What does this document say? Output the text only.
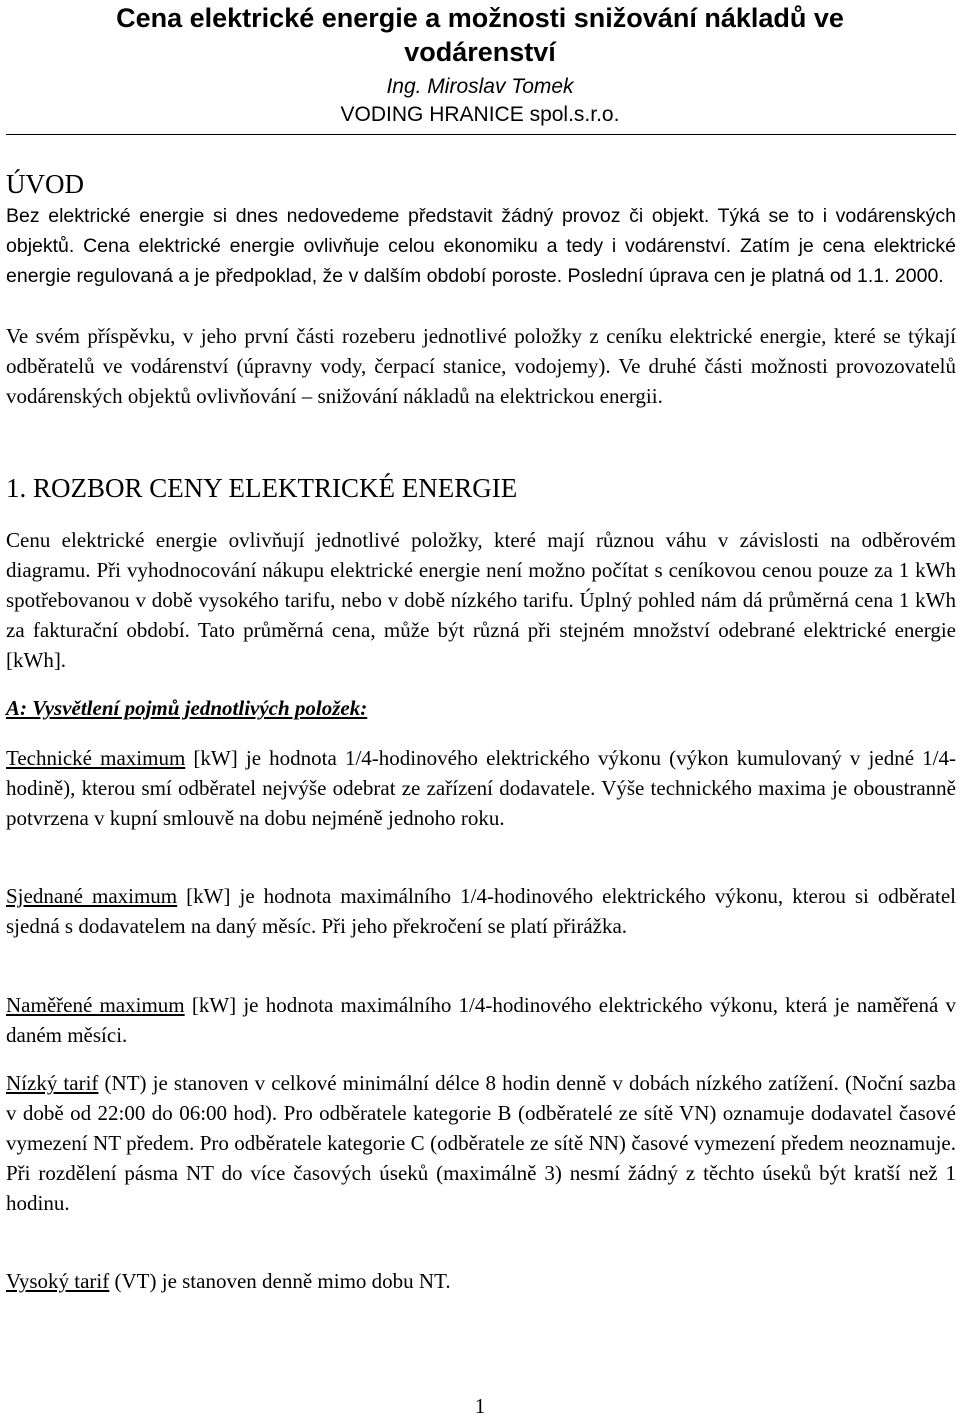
Cena elektrické energie a možnosti snižování nákladů ve
vodárenství
Ing. Miroslav Tomek
VODING HRANICE spol.s.r.o.
ÚVOD
Bez elektrické energie si dnes nedovedeme představit žádný provoz či objekt. Týká se to i vodárenských objektů. Cena elektrické energie ovlivňuje celou ekonomiku a tedy i vodárenství. Zatím je cena elektrické energie regulovaná a je předpoklad, že v dalším období poroste. Poslední úprava cen je platná od 1.1. 2000.
Ve svém příspěvku, v jeho první části rozeberu jednotlivé položky z ceníku elektrické energie, které se týkají odběratelů ve vodárenství (úpravny vody, čerpací stanice, vodojemy). Ve druhé části možnosti provozovatelů vodárenských objektů ovlivňování – snižování nákladů na elektrickou energii.
1. ROZBOR CENY ELEKTRICKÉ ENERGIE
Cenu elektrické energie ovlivňují jednotlivé položky, které mají různou váhu v závislosti na odběrovém diagramu. Při vyhodnocování nákupu elektrické energie není možno počítat s ceníkovou cenou pouze za 1 kWh spotřebovanou v době vysokého tarifu, nebo v době nízkého tarifu. Úplný pohled nám dá průměrná cena 1 kWh za fakturační období. Tato průměrná cena, může být různá při stejném množství odebrané elektrické energie [kWh].
A: Vysvětlení pojmů jednotlivých položek:
Technické maximum [kW] je hodnota 1/4-hodinového elektrického výkonu (výkon kumulovaný v jedné 1/4-hodině), kterou smí odběratel nejvýše odebrat ze zařízení dodavatele. Výše technického maxima je oboustranně potvrzena v kupní smlouvě na dobu nejméně jednoho roku.
Sjednané maximum [kW] je hodnota maximálního 1/4-hodinového elektrického výkonu, kterou si odběratel sjedná s dodavatelem na daný měsíc. Při jeho překročení se platí přirážka.
Naměřené maximum [kW] je hodnota maximálního 1/4-hodinového elektrického výkonu, která je naměřená v daném měsíci.
Nízký tarif (NT) je stanoven v celkové minimální délce 8 hodin denně v dobách nízkého zatížení. (Noční sazba v době od 22:00 do 06:00 hod). Pro odběratele kategorie B (odběratelé ze sítě VN) oznamuje dodavatel časové vymezení NT předem. Pro odběratele kategorie C (odběratele ze sítě NN) časové vymezení předem neoznamuje. Při rozdělení pásma NT do více časových úseků (maximálně 3) nesmí žádný z těchto úseků být kratší než 1 hodinu.
Vysoký tarif (VT) je stanoven denně mimo dobu NT.
1
